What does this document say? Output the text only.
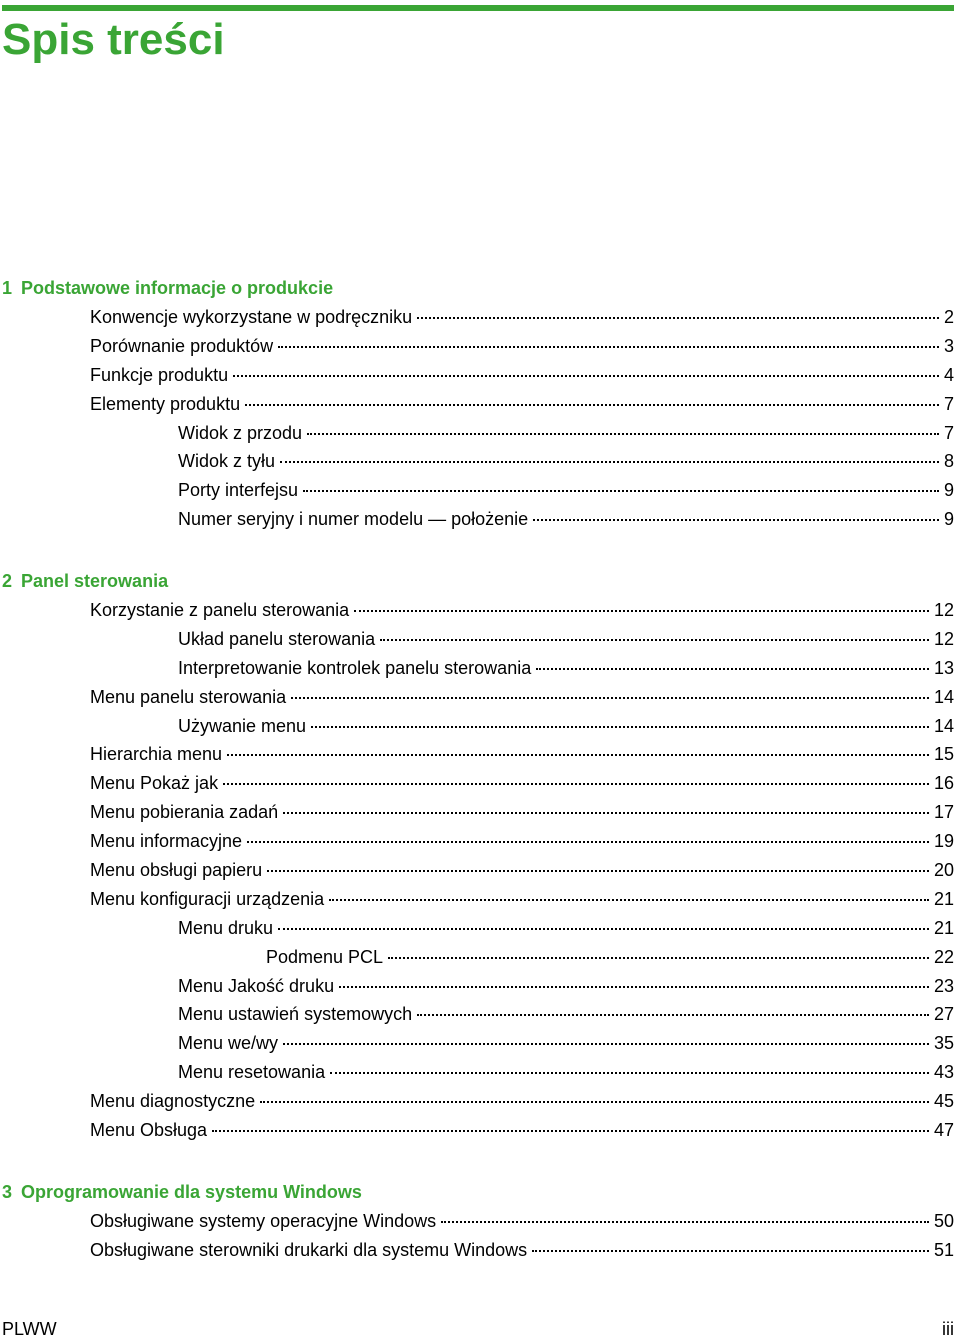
Spis treści
1 Podstawowe informacje o produkcie
Konwencje wykorzystane w podręczniku	2
Porównanie produktów	3
Funkcje produktu	4
Elementy produktu	7
Widok z przodu	7
Widok z tyłu	8
Porty interfejsu	9
Numer seryjny i numer modelu — położenie	9
2 Panel sterowania
Korzystanie z panelu sterowania	12
Układ panelu sterowania	12
Interpretowanie kontrolek panelu sterowania	13
Menu panelu sterowania	14
Używanie menu	14
Hierarchia menu	15
Menu Pokaż jak	16
Menu pobierania zadań	17
Menu informacyjne	19
Menu obsługi papieru	20
Menu konfiguracji urządzenia	21
Menu druku	21
Podmenu PCL	22
Menu Jakość druku	23
Menu ustawień systemowych	27
Menu we/wy	35
Menu resetowania	43
Menu diagnostyczne	45
Menu Obsługa	47
3 Oprogramowanie dla systemu Windows
Obsługiwane systemy operacyjne Windows	50
Obsługiwane sterowniki drukarki dla systemu Windows	51
PLWW	iii
